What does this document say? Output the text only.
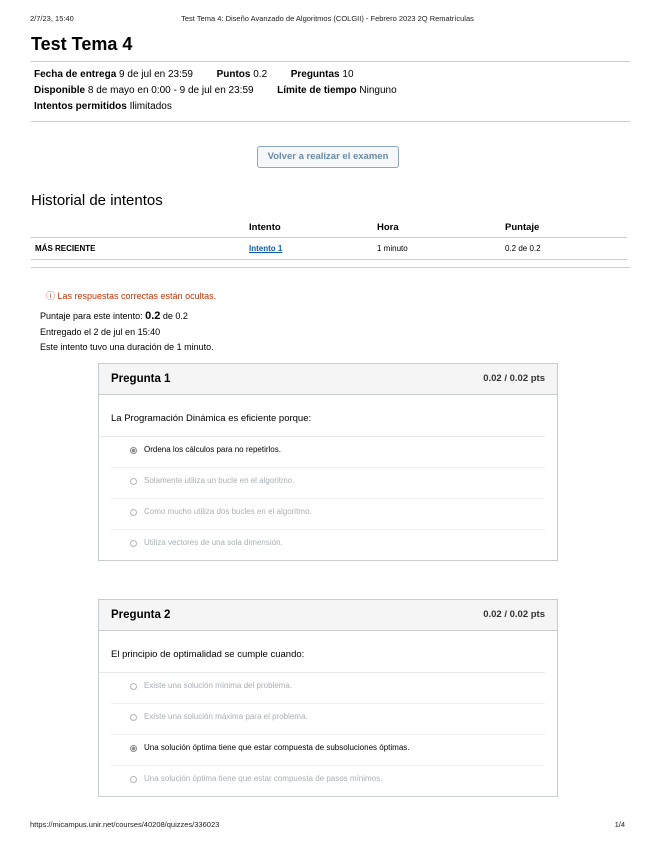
2/7/23, 15:40	Test Tema 4: Diseño Avanzado de Algoritmos (COLGII) - Febrero 2023 2Q Rematrículas
Test Tema 4
Fecha de entrega 9 de jul en 23:59 Puntos 0.2 Preguntas 10
Disponible 8 de mayo en 0:00 - 9 de jul en 23:59 Límite de tiempo Ninguno
Intentos permitidos Ilimitados
Volver a realizar el examen
Historial de intentos
	Intento	Hora	Puntaje
MÁS RECIENTE	Intento 1	1 minuto	0.2 de 0.2
ⓘ Las respuestas correctas están ocultas.
Puntaje para este intento: 0.2 de 0.2
Entregado el 2 de jul en 15:40
Este intento tuvo una duración de 1 minuto.
Pregunta 1	0.02 / 0.02 pts
La Programación Dinámica es eficiente porque:
Ordena los cálculos para no repetirlos.
Solamente utiliza un bucle en el algoritmo.
Como mucho utiliza dos bucles en el algoritmo.
Utiliza vectores de una sola dimensión.
Pregunta 2	0.02 / 0.02 pts
El principio de optimalidad se cumple cuando:
Existe una solución mínima del problema.
Existe una solución máxima para el problema.
Una solución óptima tiene que estar compuesta de subsoluciones óptimas.
Una solución óptima tiene que estar compuesta de pasos mínimos.
https://micampus.unir.net/courses/40208/quizzes/336023	1/4
